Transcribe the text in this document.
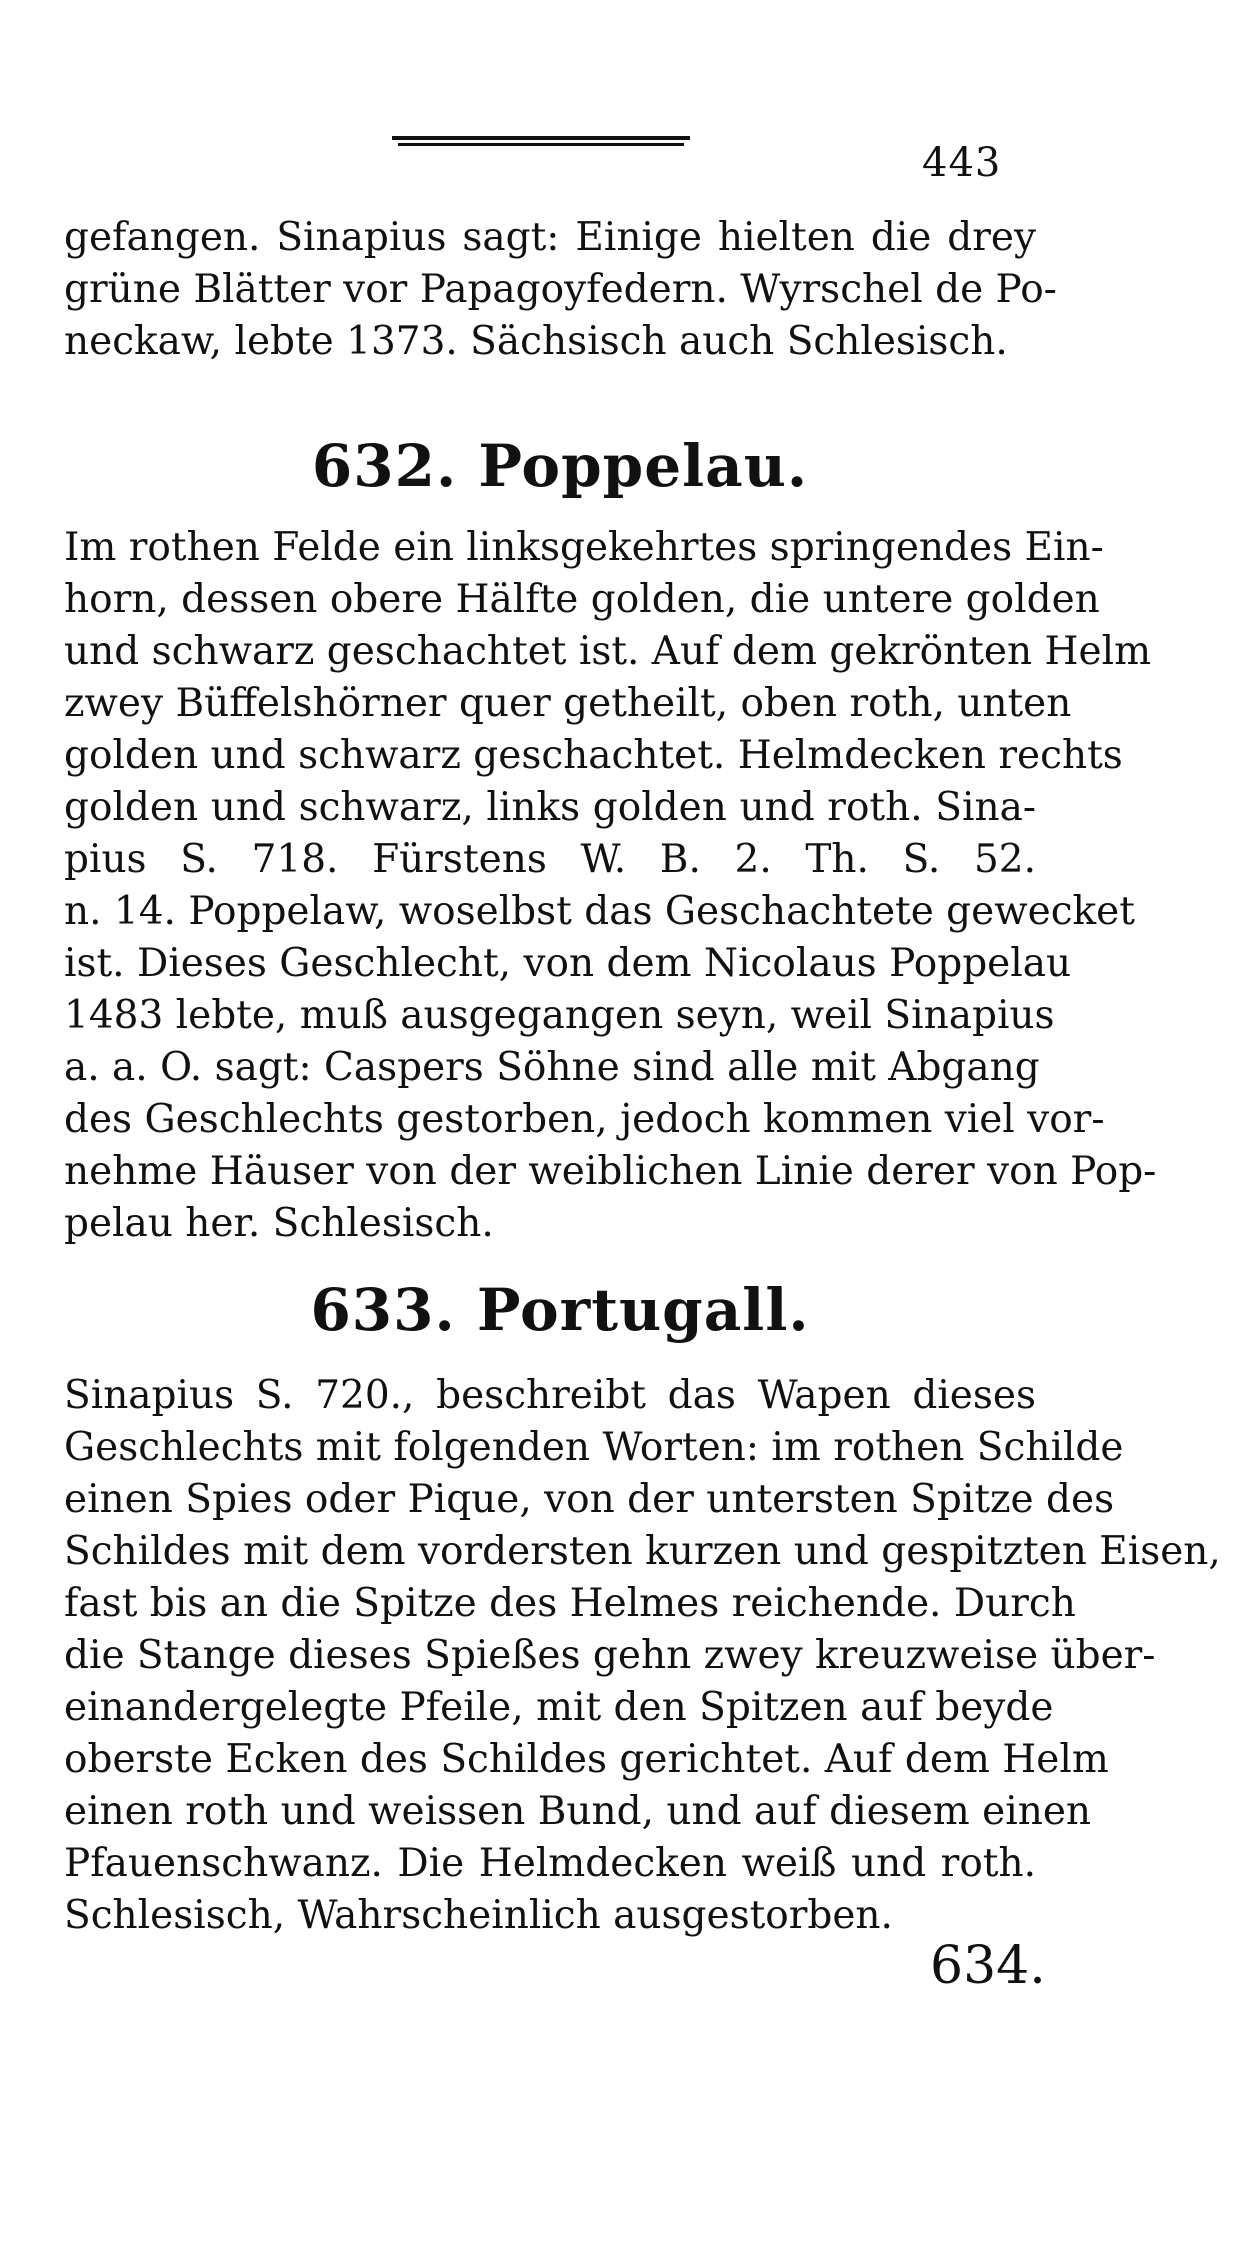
443
gefangen. Sinapius sagt: Einige hielten die drey
grüne Blätter vor Papagoyfedern. Wyrschel de Po-
neckaw, lebte 1373. Sächsisch auch Schlesisch.
632. Poppelau.
Im rothen Felde ein linksgekehrtes springendes Ein-
horn, dessen obere Hälfte golden, die untere golden
und schwarz geschachtet ist. Auf dem gekrönten Helm
zwey Büffelshörner quer getheilt, oben roth, unten
golden und schwarz geschachtet. Helmdecken rechts
golden und schwarz, links golden und roth. Sina-
pius S. 718. Fürstens W. B. 2. Th. S. 52.
n. 14. Poppelaw, woselbst das Geschachtete gewecket
ist. Dieses Geschlecht, von dem Nicolaus Poppelau
1483 lebte, muß ausgegangen seyn, weil Sinapius
a. a. O. sagt: Caspers Söhne sind alle mit Abgang
des Geschlechts gestorben, jedoch kommen viel vor-
nehme Häuser von der weiblichen Linie derer von Pop-
pelau her. Schlesisch.
633. Portugall.
Sinapius S. 720., beschreibt das Wapen dieses
Geschlechts mit folgenden Worten: im rothen Schilde
einen Spies oder Pique, von der untersten Spitze des
Schildes mit dem vordersten kurzen und gespitzten Eisen,
fast bis an die Spitze des Helmes reichende. Durch
die Stange dieses Spießes gehn zwey kreuzweise über-
einandergelegte Pfeile, mit den Spitzen auf beyde
oberste Ecken des Schildes gerichtet. Auf dem Helm
einen roth und weissen Bund, und auf diesem einen
Pfauenschwanz. Die Helmdecken weiß und roth.
Schlesisch, Wahrscheinlich ausgestorben.
634.
